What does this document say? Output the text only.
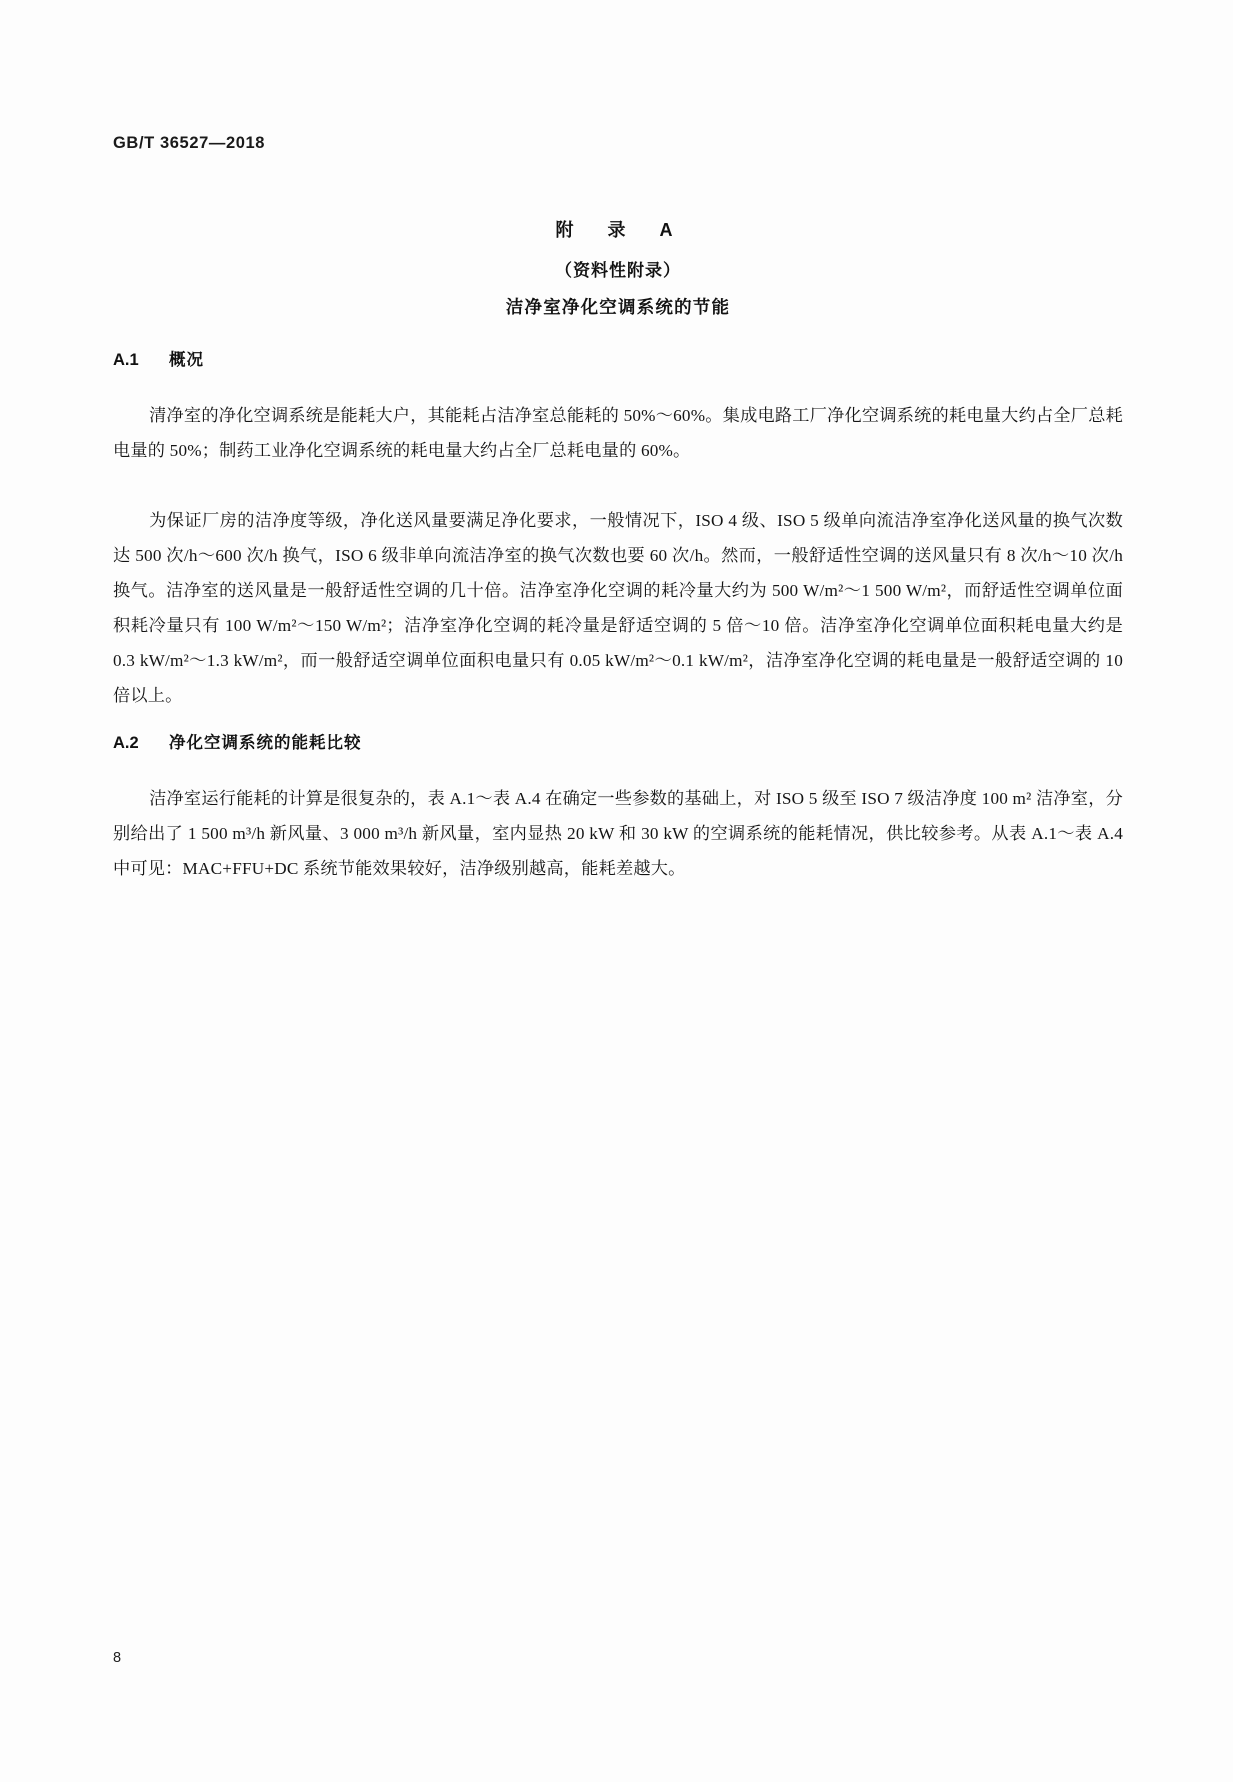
GB/T 36527—2018
附　录　A
（资料性附录）
洁净室净化空调系统的节能
A.1 概况
清净室的净化空调系统是能耗大户，其能耗占洁净室总能耗的 50%～60%。集成电路工厂净化空调系统的耗电量大约占全厂总耗电量的 50%；制药工业净化空调系统的耗电量大约占全厂总耗电量的 60%。
为保证厂房的洁净度等级，净化送风量要满足净化要求，一般情况下，ISO 4 级、ISO 5 级单向流洁净室净化送风量的换气次数达 500 次/h～600 次/h 换气，ISO 6 级非单向流洁净室的换气次数也要 60 次/h。然而，一般舒适性空调的送风量只有 8 次/h～10 次/h 换气。洁净室的送风量是一般舒适性空调的几十倍。洁净室净化空调的耗冷量大约为 500 W/m²～1 500 W/m²，而舒适性空调单位面积耗冷量只有 100 W/m²～150 W/m²；洁净室净化空调的耗冷量是舒适空调的 5 倍～10 倍。洁净室净化空调单位面积耗电量大约是 0.3 kW/m²～1.3 kW/m²，而一般舒适空调单位面积电量只有 0.05 kW/m²～0.1 kW/m²，洁净室净化空调的耗电量是一般舒适空调的 10 倍以上。
A.2 净化空调系统的能耗比较
洁净室运行能耗的计算是很复杂的，表 A.1～表 A.4 在确定一些参数的基础上，对 ISO 5 级至 ISO 7 级洁净度 100 m² 洁净室，分别给出了 1 500 m³/h 新风量、3 000 m³/h 新风量，室内显热 20 kW 和 30 kW 的空调系统的能耗情况，供比较参考。从表 A.1～表 A.4 中可见：MAC+FFU+DC 系统节能效果较好，洁净级别越高，能耗差越大。
8
